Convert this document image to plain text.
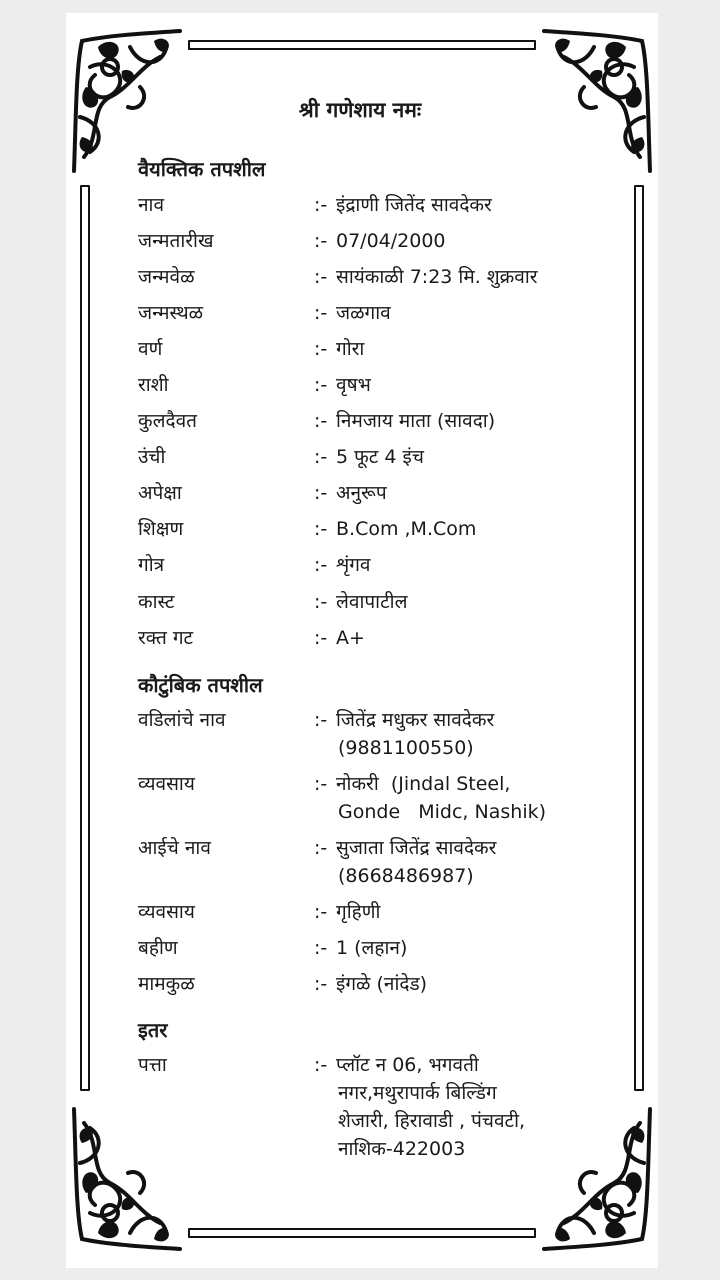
श्री गणेशाय नमः
वैयक्तिक तपशील
नाव	:- इंद्राणी जितेंद सावदेकर
जन्मतारीख	:- 07/04/2000
जन्मवेळ	:- सायंकाळी 7:23 मि. शुक्रवार
जन्मस्थळ	:- जळगाव
वर्ण	:- गोरा
राशी	:- वृषभ
कुलदैवत	:- निमजाय माता (सावदा)
उंची	:- 5 फूट 4 इंच
अपेक्षा	:- अनुरूप
शिक्षण	:- B.Com ,M.Com
गोत्र	:- शृंगव
कास्ट	:- लेवापाटील
रक्त गट	:- A+
कौटुंबिक तपशील
वडिलांचे नाव	:- जितेंद्र मधुकर सावदेकर
(9881100550)
व्यवसाय	:- नोकरी  (Jindal Steel,
Gonde   Midc, Nashik)
आईचे नाव	:- सुजाता जितेंद्र सावदेकर
(8668486987)
व्यवसाय	:- गृहिणी
बहीण	:- 1 (लहान)
मामकुळ	:- इंगळे (नांदेड)
इतर
पत्ता	:- प्लॉट न 06, भगवती
नगर,मथुरापार्क बिल्डिंग
शेजारी, हिरावाडी , पंचवटी,
नाशिक-422003
